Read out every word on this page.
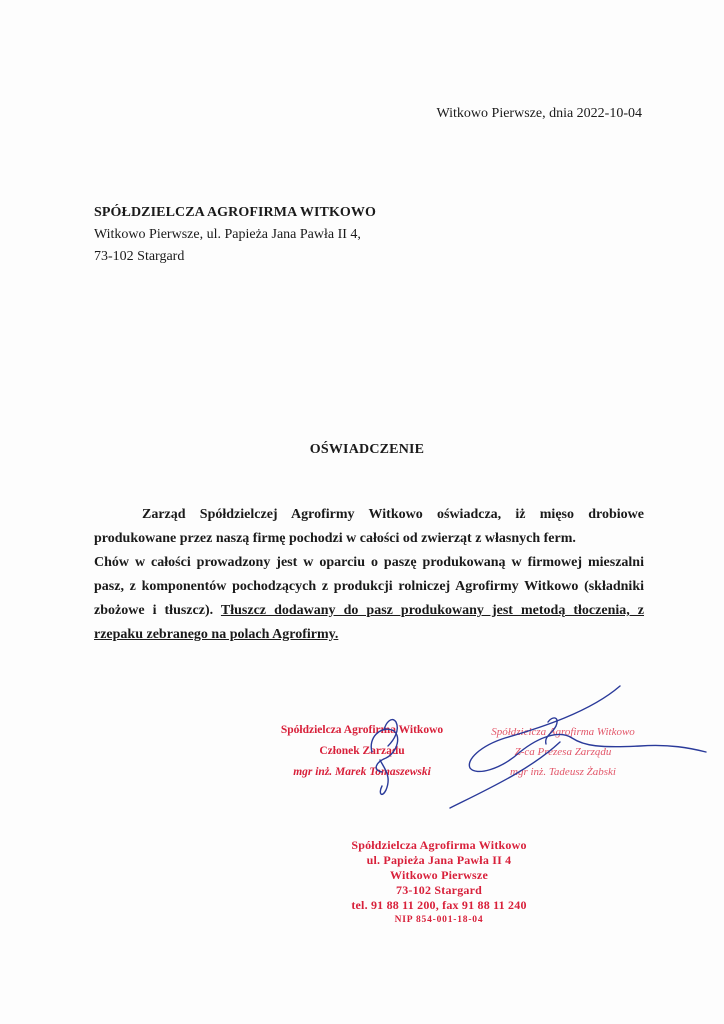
Witkowo Pierwsze, dnia 2022-10-04
SPÓŁDZIELCZA AGROFIRMA WITKOWO
Witkowo Pierwsze, ul. Papieża Jana Pawła II 4,
73-102 Stargard
OŚWIADCZENIE

Zarząd Spółdzielczej Agrofirmy Witkowo oświadcza, iż mięso drobiowe produkowane przez naszą firmę pochodzi w całości od zwierząt z własnych ferm.

Chów w całości prowadzony jest w oparciu o paszę produkowaną w firmowej mieszalni pasz, z komponentów pochodzących z produkcji rolniczej Agrofirmy Witkowo (składniki zbożowe i tłuszcz). Tłuszcz dodawany do pasz produkowany jest metodą tłoczenia, z rzepaku zebranego na polach Agrofirmy.

Spółdzielcza Agrofirma Witkowo
Członek Zarządu
mgr inż. Marek Tomaszewski
Spółdzielcza Agrofirma Witkowo
Z-ca Prezesa Zarządu
mgr inż. Tadeusz Żabski
Spółdzielcza Agrofirma Witkowo
ul. Papieża Jana Pawła II 4
Witkowo Pierwsze
73-102 Stargard
tel. 91 88 11 200, fax 91 88 11 240
NIP 854-001-18-04
